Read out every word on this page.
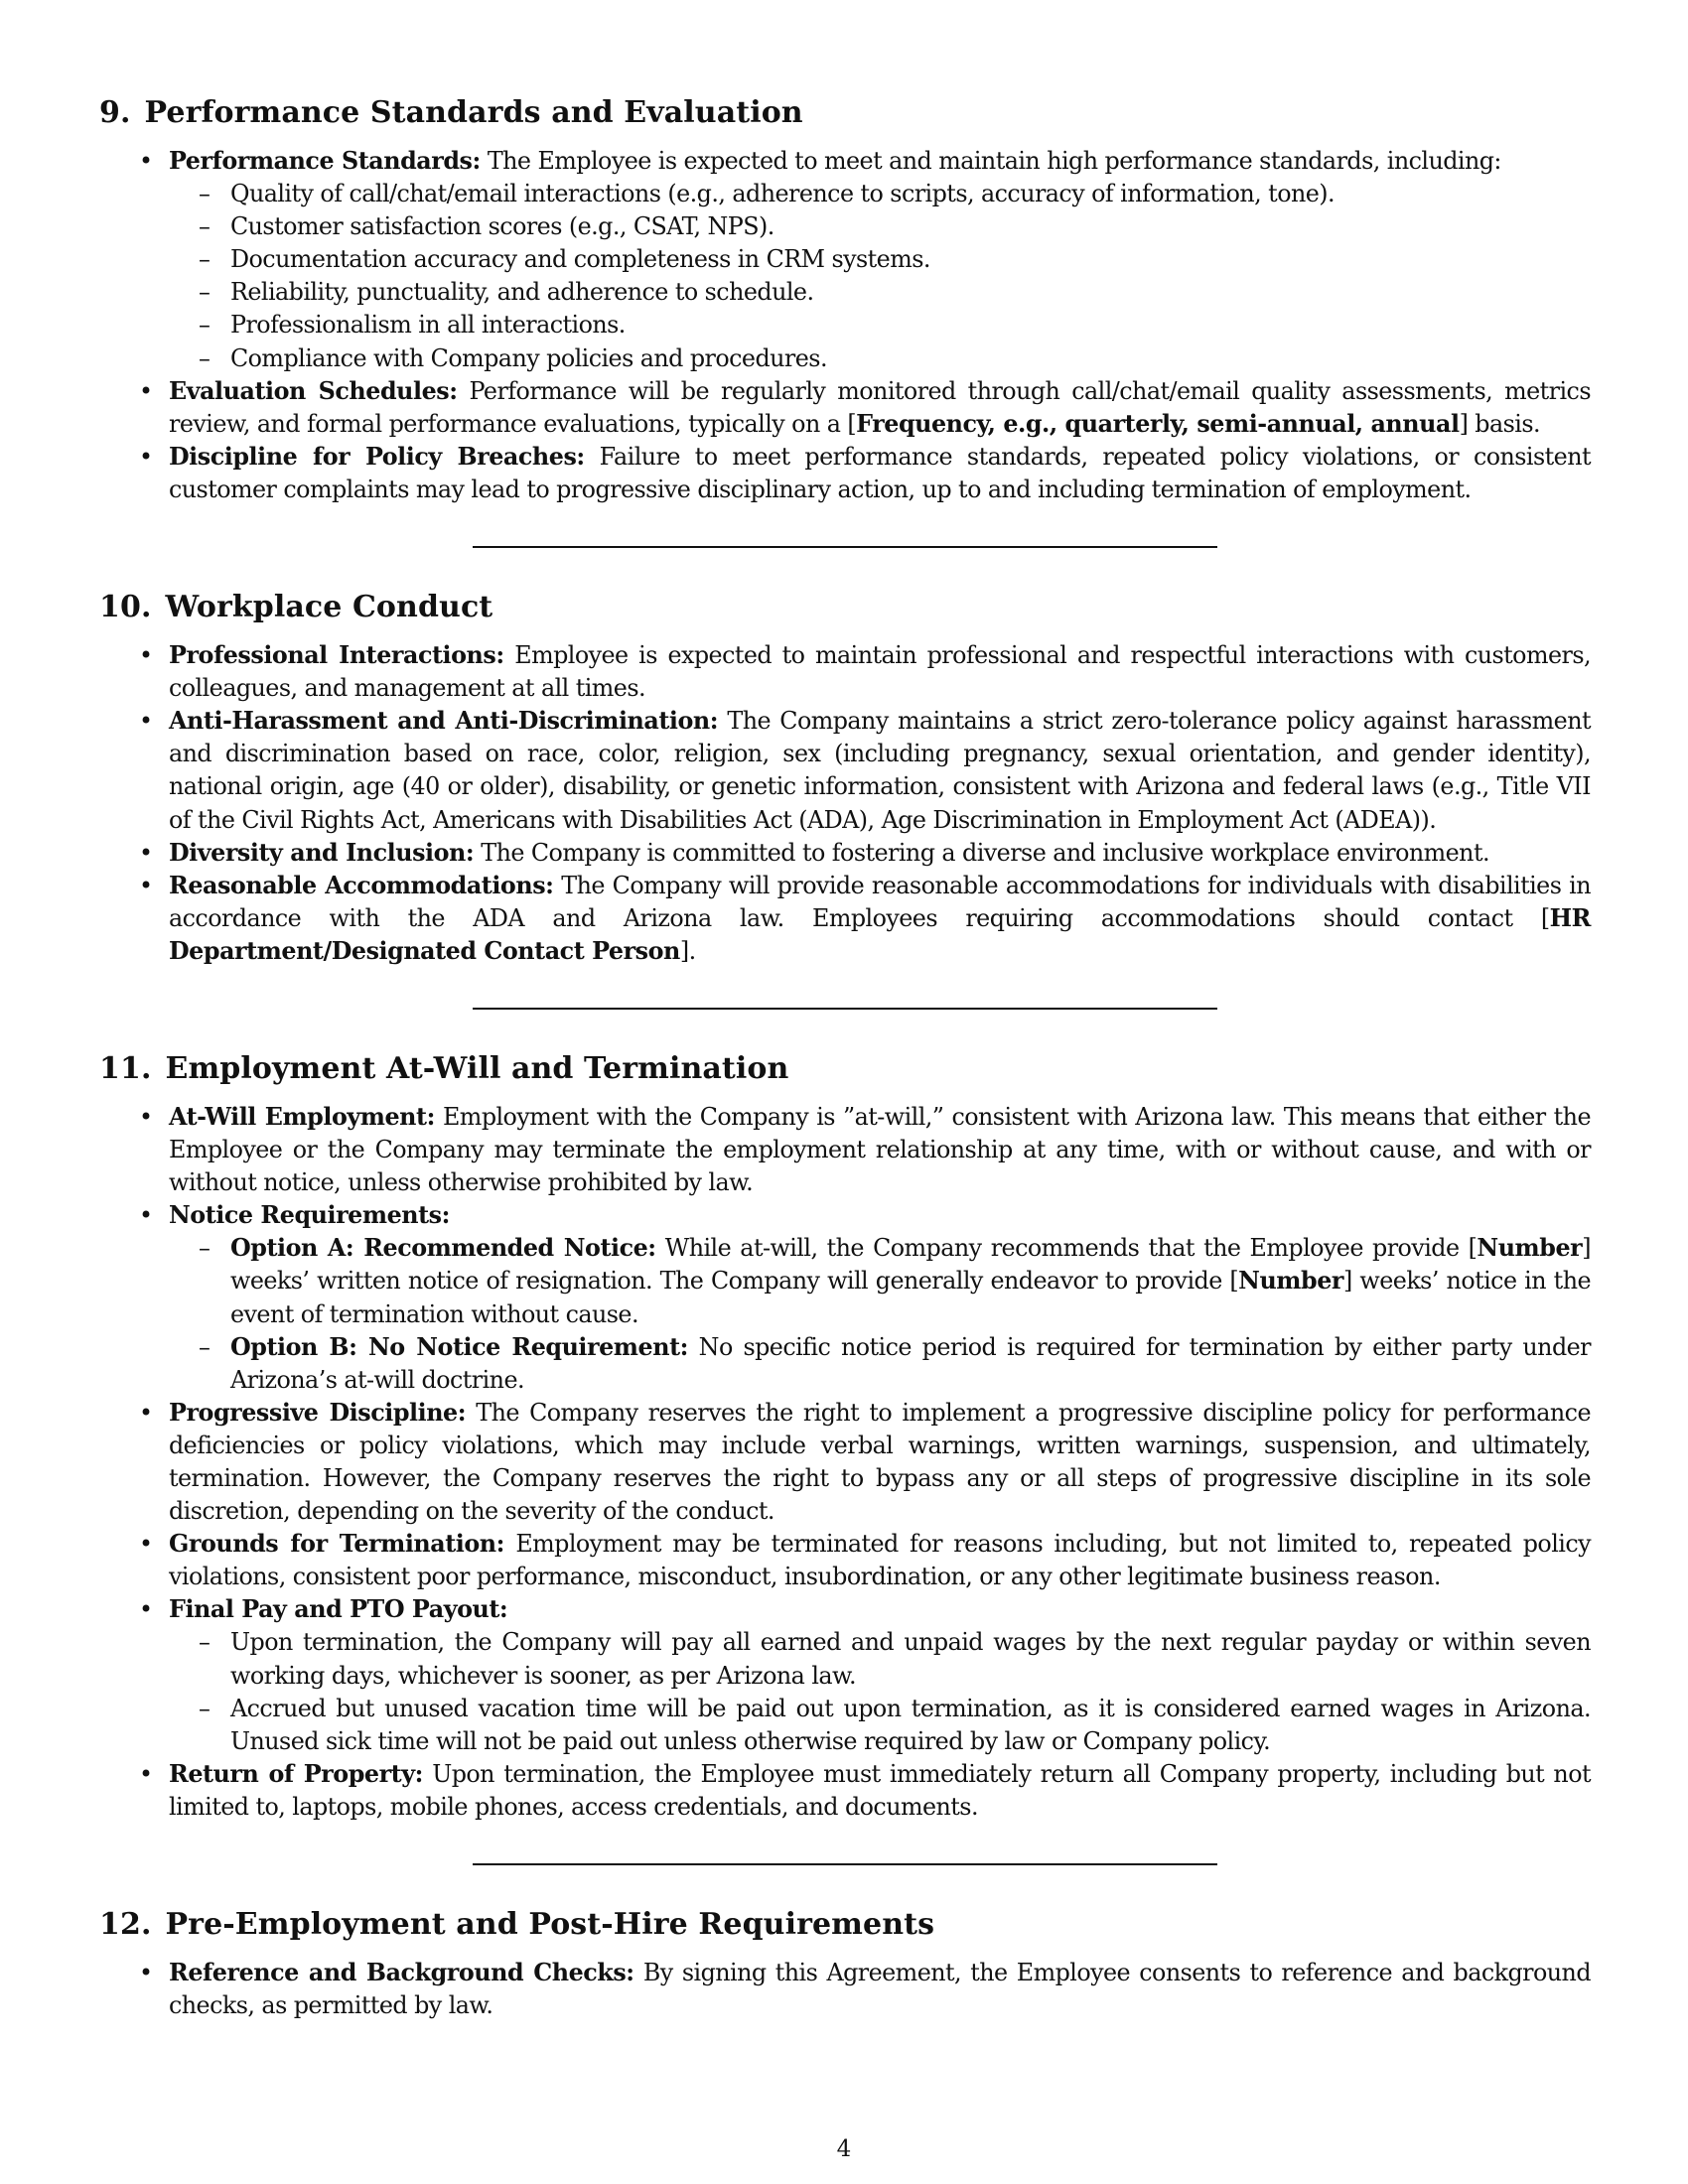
9. Performance Standards and Evaluation
• Performance Standards: The Employee is expected to meet and maintain high performance standards, including:
– Quality of call/chat/email interactions (e.g., adherence to scripts, accuracy of information, tone).
– Customer satisfaction scores (e.g., CSAT, NPS).
– Documentation accuracy and completeness in CRM systems.
– Reliability, punctuality, and adherence to schedule.
– Professionalism in all interactions.
– Compliance with Company policies and procedures.
• Evaluation Schedules: Performance will be regularly monitored through call/chat/email quality assessments, metrics review, and formal performance evaluations, typically on a [Frequency, e.g., quarterly, semi-annual, annual] basis.
• Discipline for Policy Breaches: Failure to meet performance standards, repeated policy violations, or consistent customer complaints may lead to progressive disciplinary action, up to and including termination of employment.
10. Workplace Conduct
• Professional Interactions: Employee is expected to maintain professional and respectful interactions with customers, colleagues, and management at all times.
• Anti-Harassment and Anti-Discrimination: The Company maintains a strict zero-tolerance policy against harassment and discrimination based on race, color, religion, sex (including pregnancy, sexual orientation, and gender identity), national origin, age (40 or older), disability, or genetic information, consistent with Arizona and federal laws (e.g., Title VII of the Civil Rights Act, Americans with Disabilities Act (ADA), Age Discrimination in Employment Act (ADEA)).
• Diversity and Inclusion: The Company is committed to fostering a diverse and inclusive workplace environment.
• Reasonable Accommodations: The Company will provide reasonable accommodations for individuals with disabilities in accordance with the ADA and Arizona law. Employees requiring accommodations should contact [HR Department/Designated Contact Person].
11. Employment At-Will and Termination
• At-Will Employment: Employment with the Company is ”at-will,” consistent with Arizona law. This means that either the Employee or the Company may terminate the employment relationship at any time, with or without cause, and with or without notice, unless otherwise prohibited by law.
• Notice Requirements:
– Option A: Recommended Notice: While at-will, the Company recommends that the Employee provide [Number] weeks’ written notice of resignation. The Company will generally endeavor to provide [Number] weeks’ notice in the event of termination without cause.
– Option B: No Notice Requirement: No specific notice period is required for termination by either party under Arizona’s at-will doctrine.
• Progressive Discipline: The Company reserves the right to implement a progressive discipline policy for performance deficiencies or policy violations, which may include verbal warnings, written warnings, suspension, and ultimately, termination. However, the Company reserves the right to bypass any or all steps of progressive discipline in its sole discretion, depending on the severity of the conduct.
• Grounds for Termination: Employment may be terminated for reasons including, but not limited to, repeated policy violations, consistent poor performance, misconduct, insubordination, or any other legitimate business reason.
• Final Pay and PTO Payout:
– Upon termination, the Company will pay all earned and unpaid wages by the next regular payday or within seven working days, whichever is sooner, as per Arizona law.
– Accrued but unused vacation time will be paid out upon termination, as it is considered earned wages in Arizona. Unused sick time will not be paid out unless otherwise required by law or Company policy.
• Return of Property: Upon termination, the Employee must immediately return all Company property, including but not limited to, laptops, mobile phones, access credentials, and documents.
12. Pre-Employment and Post-Hire Requirements
• Reference and Background Checks: By signing this Agreement, the Employee consents to reference and background checks, as permitted by law.
4
